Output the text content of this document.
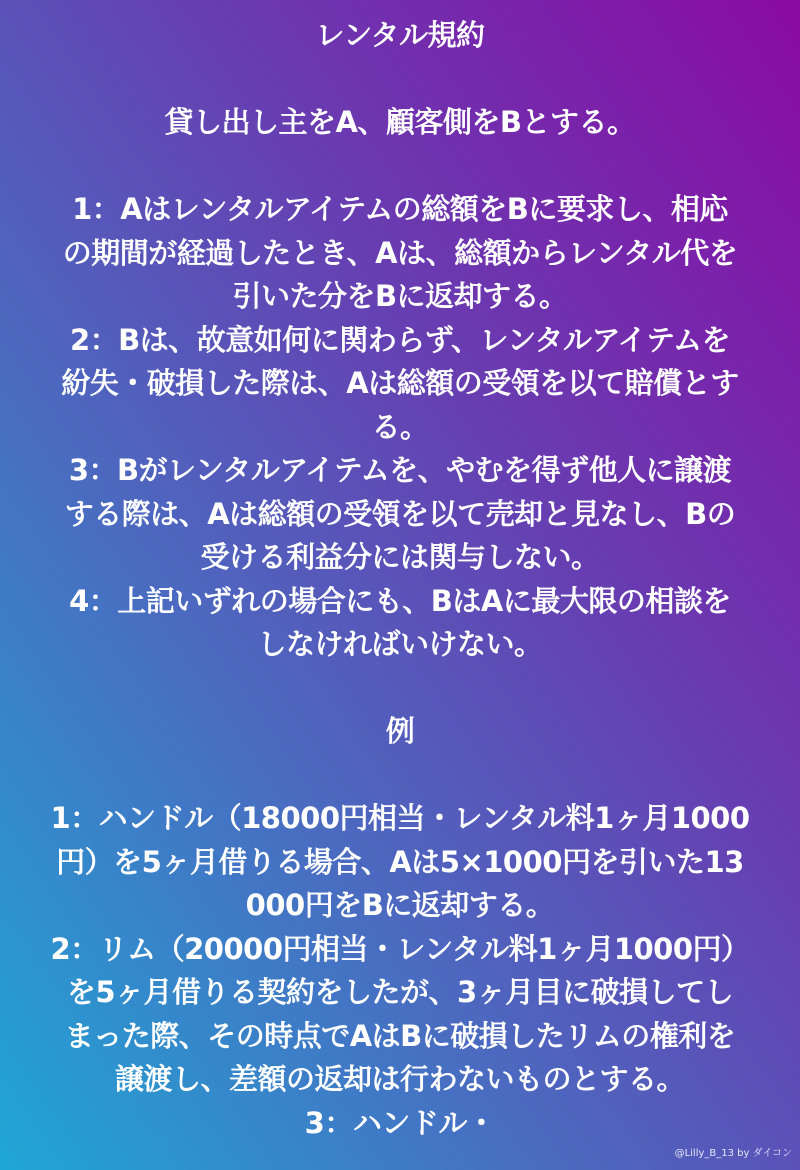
レンタル規約

貸し出し主をA、顧客側をBとする。

1：Aはレンタルアイテムの総額をBに要求し、相応

の期間が経過したとき、Aは、総額からレンタル代を

引いた分をBに返却する。

2：Bは、故意如何に関わらず、レンタルアイテムを

紛失・破損した際は、Aは総額の受領を以て賠償とす

る。

3：Bがレンタルアイテムを、やむを得ず他人に譲渡

する際は、Aは総額の受領を以て売却と見なし、Bの

受ける利益分には関与しない。

4：上記いずれの場合にも、BはAに最大限の相談を

しなければいけない。

例

1：ハンドル（18000円相当・レンタル料1ヶ月1000

円）を5ヶ月借りる場合、Aは5×1000円を引いた13

000円をBに返却する。

2：リム（20000円相当・レンタル料1ヶ月1000円）

を5ヶ月借りる契約をしたが、3ヶ月目に破損してし

まった際、その時点でAはBに破損したリムの権利を

譲渡し、差額の返却は行わないものとする。

3：ハンドル・

@Lilly_B_13 by ダイコン
